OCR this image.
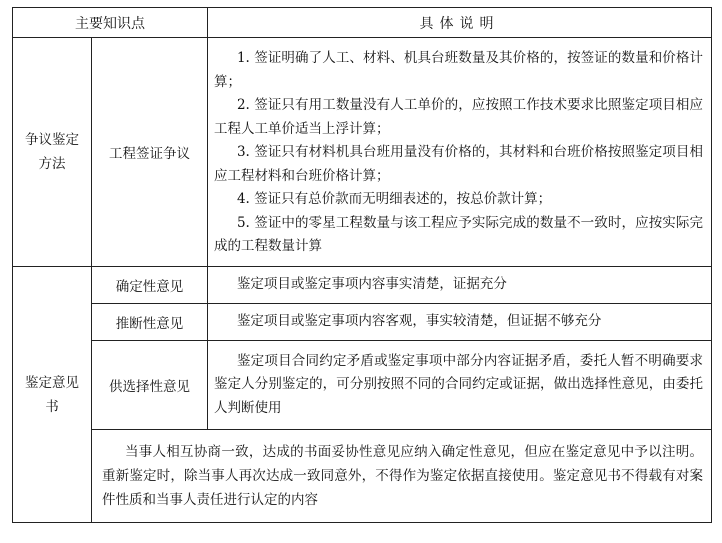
主要知识点		具体说明
争议鉴定方法	工程签证争议	1. 签证明确了人工、材料、机具台班数量及其价格的，按签证的数量和价格计算；
2. 签证只有用工数量没有人工单价的，应按照工作技术要求比照鉴定项目相应工程人工单价适当上浮计算；
3. 签证只有材料机具台班用量没有价格的，其材料和台班价格按照鉴定项目相应工程材料和台班价格计算；
4. 签证只有总价款而无明细表述的，按总价款计算；
5. 签证中的零星工程数量与该工程应予实际完成的数量不一致时，应按实际完成的工程数量计算

鉴定意见书	确定性意见	鉴定项目或鉴定事项内容事实清楚，证据充分

	推断性意见	鉴定项目或鉴定事项内容客观，事实较清楚，但证据不够充分

	供选择性意见	鉴定项目合同约定矛盾或鉴定事项中部分内容证据矛盾，委托人暂不明确要求鉴定人分别鉴定的，可分别按照不同的合同约定或证据，做出选择性意见，由委托人判断使用

	当事人相互协商一致，达成的书面妥协性意见应纳入确定性意见，但应在鉴定意见中予以注明。重新鉴定时，除当事人再次达成一致同意外，不得作为鉴定依据直接使用。鉴定意见书不得载有对案件性质和当事人责任进行认定的内容	
